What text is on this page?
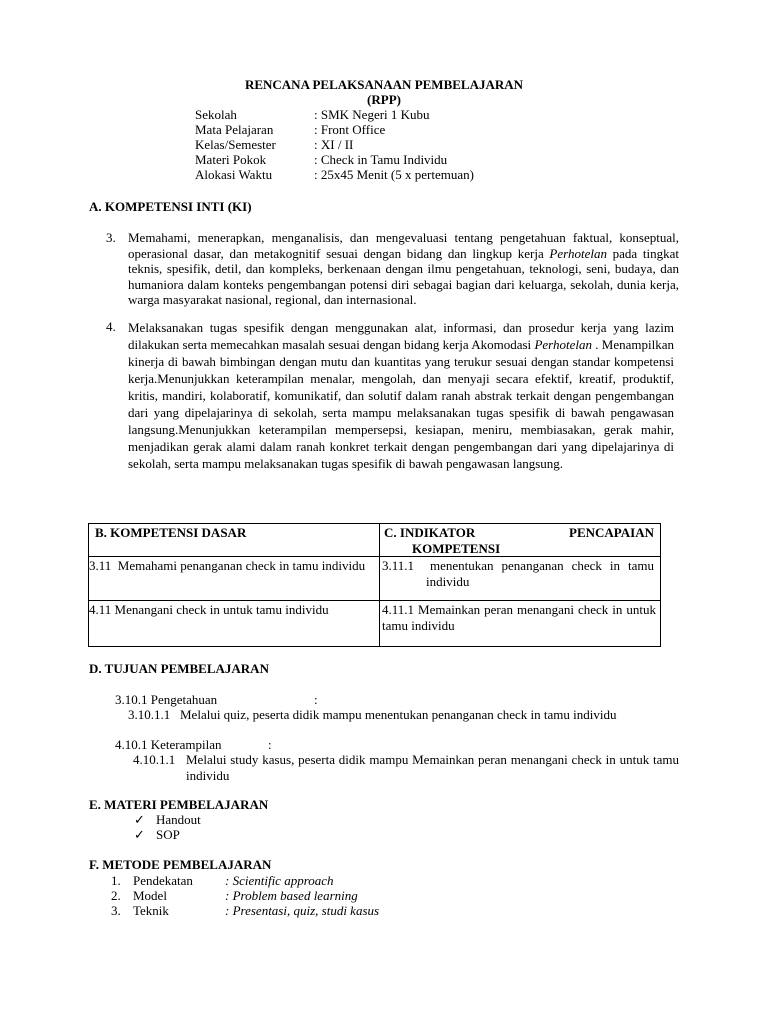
RENCANA PELAKSANAAN PEMBELAJARAN
(RPP)
Sekolah	: SMK Negeri 1 Kubu
Mata Pelajaran	: Front Office
Kelas/Semester	: XI / II
Materi Pokok	: Check in Tamu Individu
Alokasi Waktu	: 25x45 Menit (5 x pertemuan)
A. KOMPETENSI INTI (KI)
3. Memahami, menerapkan, menganalisis, dan mengevaluasi tentang pengetahuan faktual, konseptual, operasional dasar, dan metakognitif sesuai dengan bidang dan lingkup kerja Perhotelan pada tingkat teknis, spesifik, detil, dan kompleks, berkenaan dengan ilmu pengetahuan, teknologi, seni, budaya, dan humaniora dalam konteks pengembangan potensi diri sebagai bagian dari keluarga, sekolah, dunia kerja, warga masyarakat nasional, regional, dan internasional.
4. Melaksanakan tugas spesifik dengan menggunakan alat, informasi, dan prosedur kerja yang lazim dilakukan serta memecahkan masalah sesuai dengan bidang kerja Akomodasi Perhotelan . Menampilkan kinerja di bawah bimbingan dengan mutu dan kuantitas yang terukur sesuai dengan standar kompetensi kerja.Menunjukkan keterampilan menalar, mengolah, dan menyaji secara efektif, kreatif, produktif, kritis, mandiri, kolaboratif, komunikatif, dan solutif dalam ranah abstrak terkait dengan pengembangan dari yang dipelajarinya di sekolah, serta mampu melaksanakan tugas spesifik di bawah pengawasan langsung.Menunjukkan keterampilan mempersepsi, kesiapan, meniru, membiasakan, gerak mahir, menjadikan gerak alami dalam ranah konkret terkait dengan pengembangan dari yang dipelajarinya di sekolah, serta mampu melaksanakan tugas spesifik di bawah pengawasan langsung.
B. KOMPETENSI DASAR	C. INDIKATOR PENCAPAIAN
KOMPETENSI

3.11 Memahami penanganan check in tamu individu	3.11.1 menentukan penanganan check in tamu individu

4.11 Menangani check in untuk tamu individu	4.11.1 Memainkan peran menangani check in untuk tamu individu
D. TUJUAN PEMBELAJARAN
3.10.1 Pengetahuan	:
3.10.1.1 Melalui quiz, peserta didik mampu menentukan penanganan check in tamu individu
4.10.1 Keterampilan	:
4.10.1.1 Melalui study kasus, peserta didik mampu Memainkan peran menangani check in untuk tamu individu
E. MATERI PEMBELAJARAN
✓ Handout
✓ SOP
F. METODE PEMBELAJARAN
1. Pendekatan : Scientific approach
2. Model	: Problem based learning
3. Teknik	: Presentasi, quiz, studi kasus
